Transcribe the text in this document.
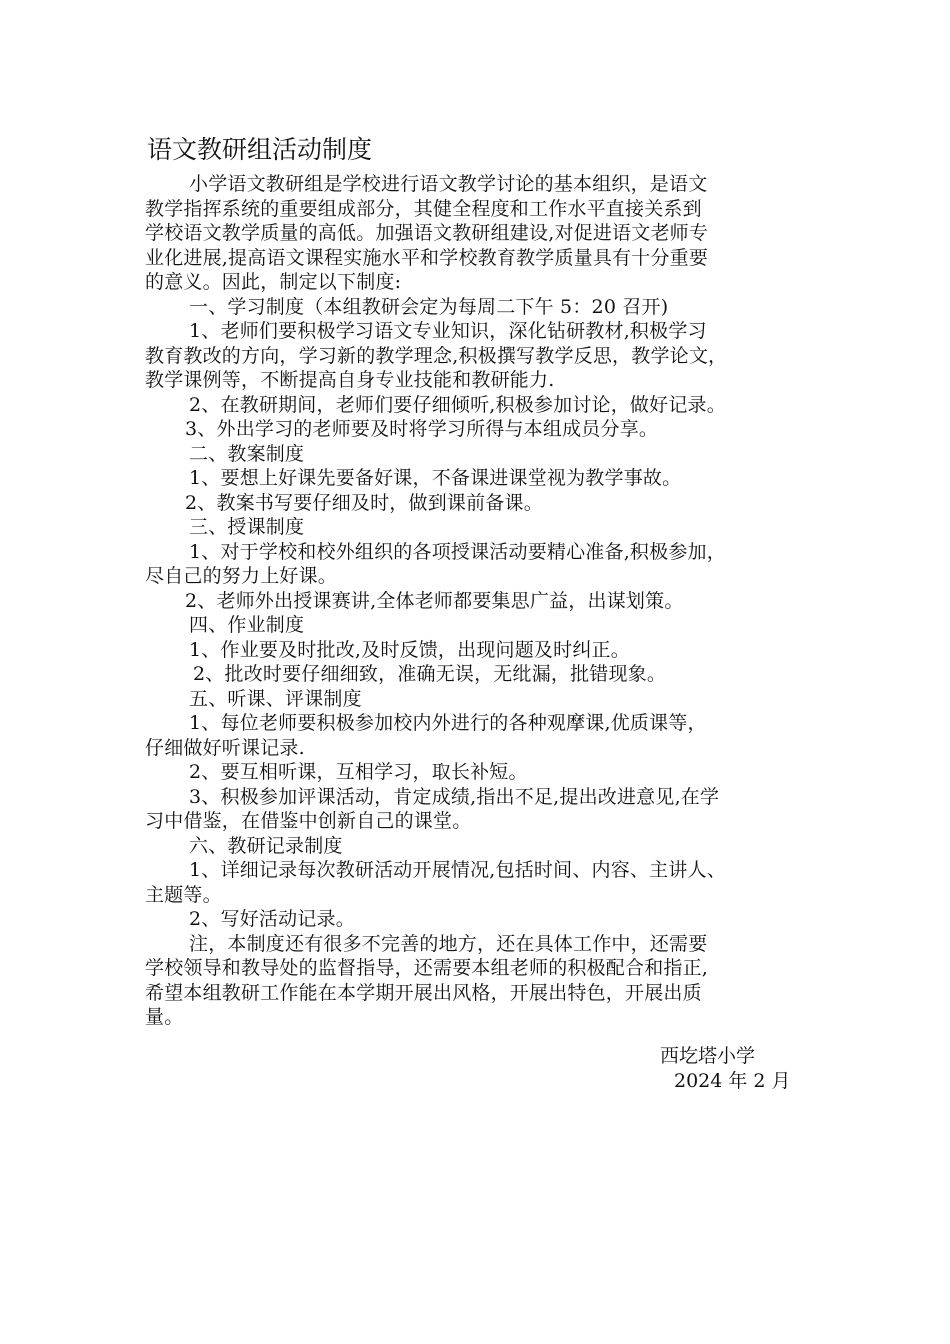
语文教研组活动制度

小学语文教研组是学校进行语文教学讨论的基本组织，是语文

教学指挥系统的重要组成部分，其健全程度和工作水平直接关系到

学校语文教学质量的高低。加强语文教研组建设,对促进语文老师专

业化进展,提高语文课程实施水平和学校教育教学质量具有十分重要

的意义。因此，制定以下制度:

一、学习制度（本组教研会定为每周二下午 5：20 召开)

1、老师们要积极学习语文专业知识，深化钻研教材,积极学习

教育教改的方向，学习新的教学理念,积极撰写教学反思，教学论文，

教学课例等，不断提高自身专业技能和教研能力.

2、在教研期间，老师们要仔细倾听,积极参加讨论，做好记录。

3、外出学习的老师要及时将学习所得与本组成员分享。

二、教案制度

1、要想上好课先要备好课，不备课进课堂视为教学事故。

2、教案书写要仔细及时，做到课前备课。

三、授课制度

1、对于学校和校外组织的各项授课活动要精心准备,积极参加，

尽自己的努力上好课。

2、老师外出授课赛讲,全体老师都要集思广益，出谋划策。

四、作业制度

1、作业要及时批改,及时反馈，出现问题及时纠正。

2、批改时要仔细细致，准确无误，无纰漏，批错现象。

五、听课、评课制度

1、每位老师要积极参加校内外进行的各种观摩课,优质课等，

仔细做好听课记录.

2、要互相听课，互相学习，取长补短。

3、积极参加评课活动，肯定成绩,指出不足,提出改进意见,在学

习中借鉴，在借鉴中创新自己的课堂。

六、教研记录制度

1、详细记录每次教研活动开展情况,包括时间、内容、主讲人、

主题等。

2、写好活动记录。

注，本制度还有很多不完善的地方，还在具体工作中，还需要

学校领导和教导处的监督指导，还需要本组老师的积极配合和指正,

希望本组教研工作能在本学期开展出风格，开展出特色，开展出质

量。

西圪塔小学

2024 年 2 月
